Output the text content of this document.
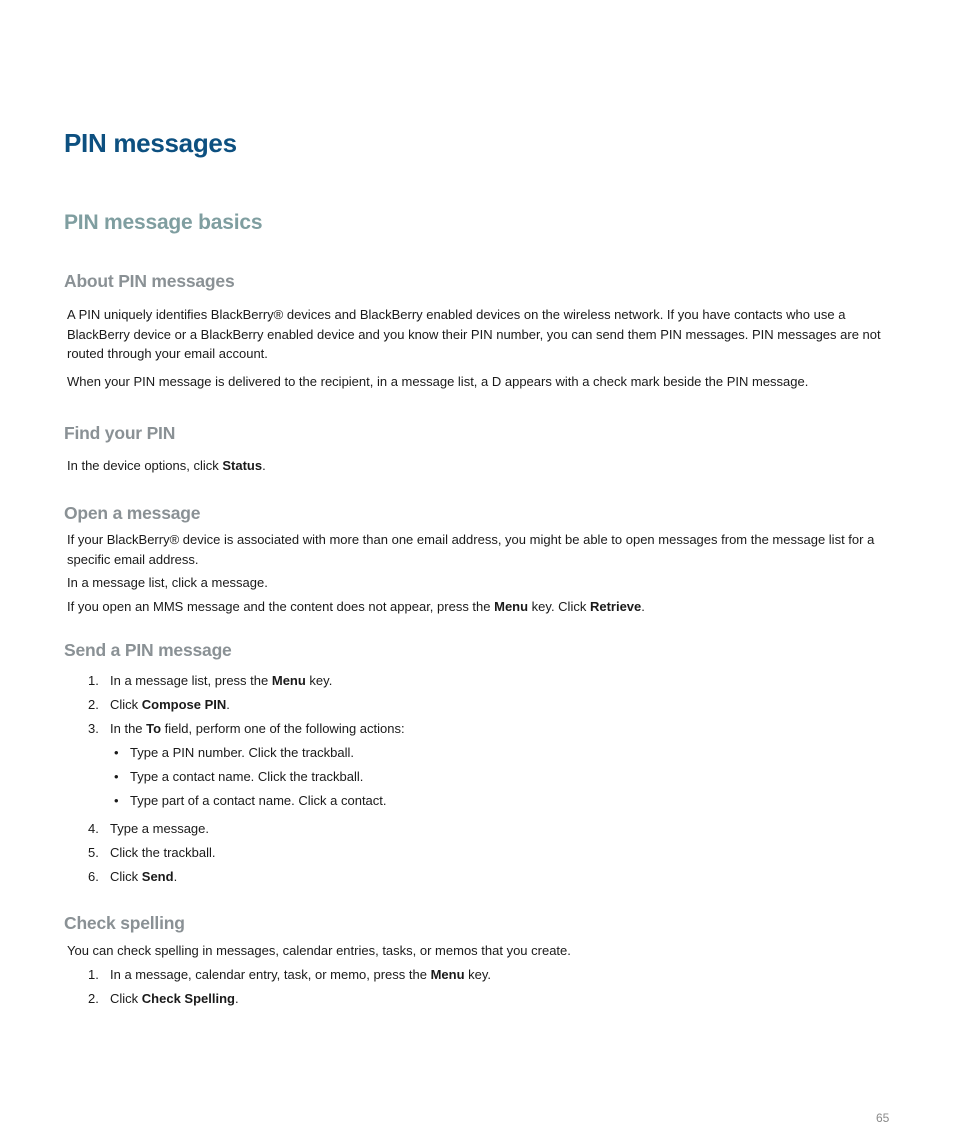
PIN messages
PIN message basics
About PIN messages
A PIN uniquely identifies BlackBerry® devices and BlackBerry enabled devices on the wireless network. If you have contacts who use a BlackBerry device or a BlackBerry enabled device and you know their PIN number, you can send them PIN messages. PIN messages are not routed through your email account.
When your PIN message is delivered to the recipient, in a message list, a D appears with a check mark beside the PIN message.
Find your PIN
In the device options, click Status.
Open a message
If your BlackBerry® device is associated with more than one email address, you might be able to open messages from the message list for a specific email address.
In a message list, click a message.
If you open an MMS message and the content does not appear, press the Menu key. Click Retrieve.
Send a PIN message
1. In a message list, press the Menu key.
2. Click Compose PIN.
3. In the To field, perform one of the following actions:
• Type a PIN number. Click the trackball.
• Type a contact name. Click the trackball.
• Type part of a contact name. Click a contact.
4. Type a message.
5. Click the trackball.
6. Click Send.
Check spelling
You can check spelling in messages, calendar entries, tasks, or memos that you create.
1. In a message, calendar entry, task, or memo, press the Menu key.
2. Click Check Spelling.
65
